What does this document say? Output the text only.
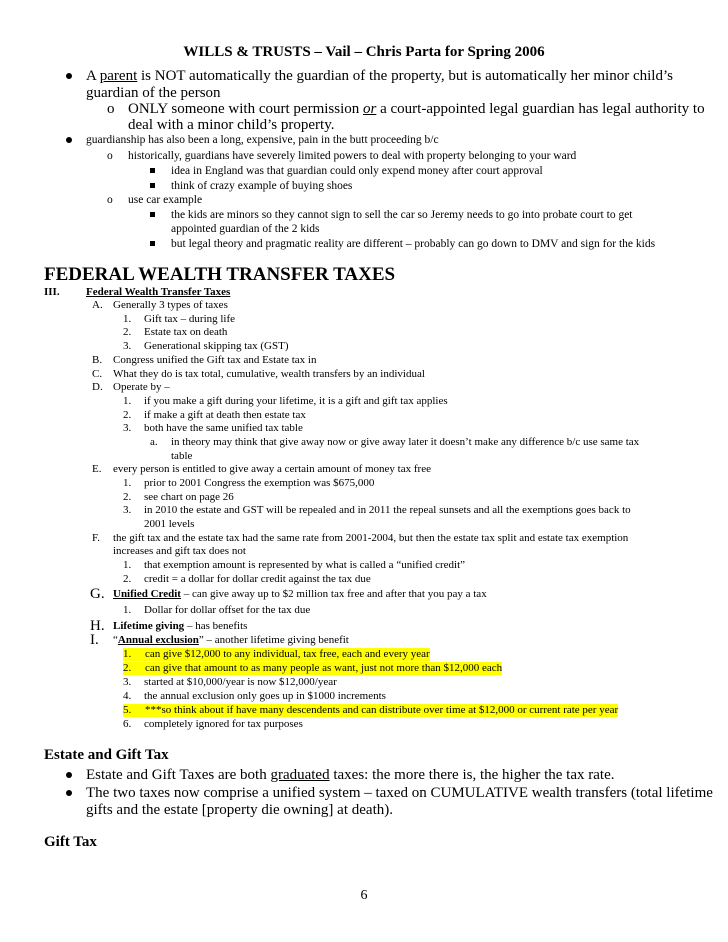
WILLS & TRUSTS – Vail – Chris Parta for Spring 2006
A parent is NOT automatically the guardian of the property, but is automatically her minor child’s
guardian of the person
o ONLY someone with court permission or a court-appointed legal guardian has legal authority to
deal with a minor child’s property.
guardianship has also been a long, expensive, pain in the butt proceeding b/c
o historically, guardians have severely limited powers to deal with property belonging to your ward
idea in England was that guardian could only expend money after court approval
think of crazy example of buying shoes
o use car example
the kids are minors so they cannot sign to sell the car so Jeremy needs to go into probate court to get
appointed guardian of the 2 kids
but legal theory and pragmatic reality are different – probably can go down to DMV and sign for the kids
FEDERAL WEALTH TRANSFER TAXES
III. Federal Wealth Transfer Taxes
A. Generally 3 types of taxes
1. Gift tax – during life
2. Estate tax on death
3. Generational skipping tax (GST)
B. Congress unified the Gift tax and Estate tax in
C. What they do is tax total, cumulative, wealth transfers by an individual
D. Operate by –
1. if you make a gift during your lifetime, it is a gift and gift tax applies
2. if make a gift at death then estate tax
3. both have the same unified tax table
a. in theory may think that give away now or give away later it doesn’t make any difference b/c use same tax
table
E. every person is entitled to give away a certain amount of money tax free
1. prior to 2001 Congress the exemption was $675,000
2. see chart on page 26
3. in 2010 the estate and GST will be repealed and in 2011 the repeal sunsets and all the exemptions goes back to
2001 levels
F. the gift tax and the estate tax had the same rate from 2001-2004, but then the estate tax split and estate tax exemption
increases and gift tax does not
1. that exemption amount is represented by what is called a “unified credit”
2. credit = a dollar for dollar credit against the tax due
G. Unified Credit – can give away up to $2 million tax free and after that you pay a tax
1. Dollar for dollar offset for the tax due
H. Lifetime giving – has benefits
I. “Annual exclusion” – another lifetime giving benefit
1. can give $12,000 to any individual, tax free, each and every year
2. can give that amount to as many people as want, just not more than $12,000 each
3. started at $10,000/year is now $12,000/year
4. the annual exclusion only goes up in $1000 increments
5. ***so think about if have many descendents and can distribute over time at $12,000 or current rate per year
6. completely ignored for tax purposes
Estate and Gift Tax
Estate and Gift Taxes are both graduated taxes: the more there is, the higher the tax rate.
The two taxes now comprise a unified system – taxed on CUMULATIVE wealth transfers (total lifetime
gifts and the estate [property die owning] at death).
Gift Tax
6
